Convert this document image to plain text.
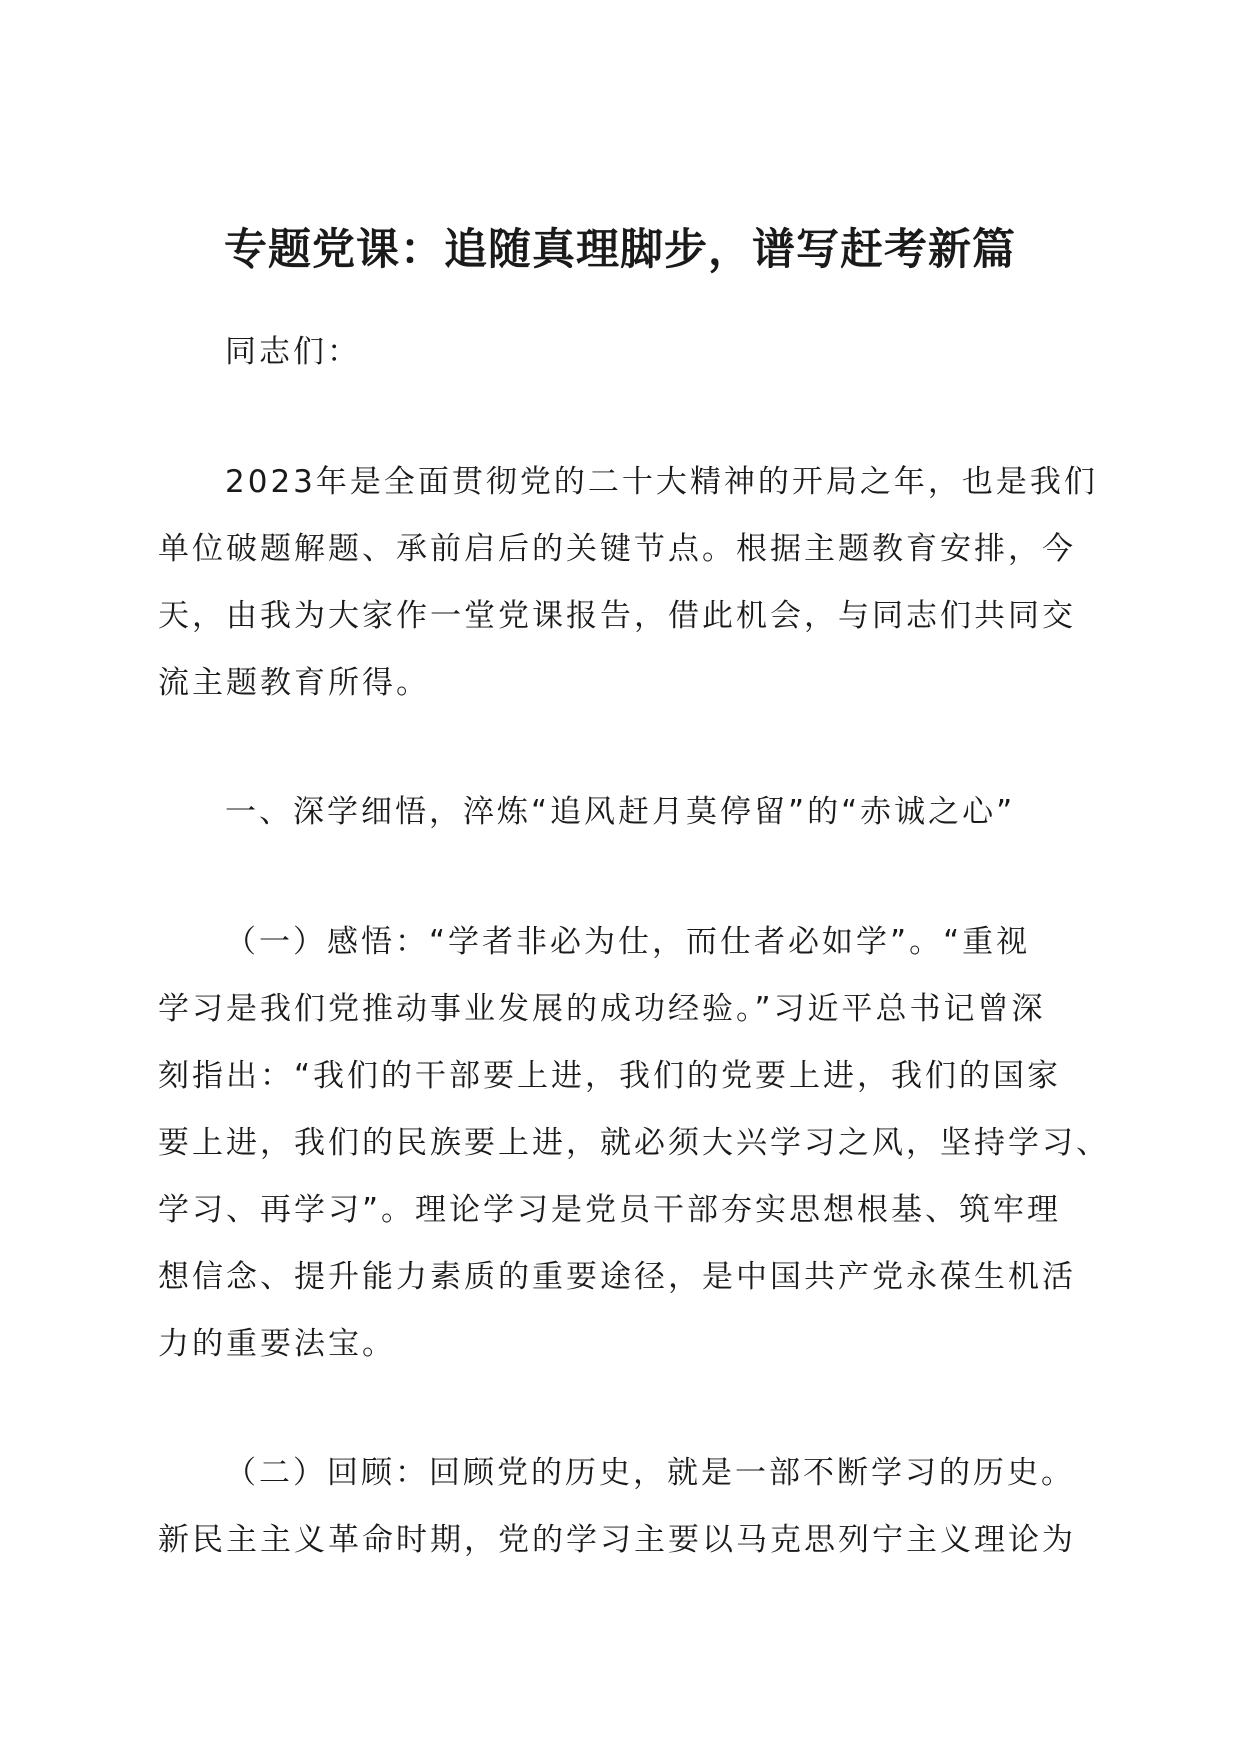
专题党课：追随真理脚步，谱写赶考新篇

同志们：

2023年是全面贯彻党的二十大精神的开局之年，也是我们

单位破题解题、承前启后的关键节点。根据主题教育安排，今

天，由我为大家作一堂党课报告，借此机会，与同志们共同交

流主题教育所得。

一、深学细悟，淬炼“追风赶月莫停留”的“赤诚之心”

（一）感悟：“学者非必为仕，而仕者必如学”。“重视

学习是我们党推动事业发展的成功经验。”习近平总书记曾深

刻指出：“我们的干部要上进，我们的党要上进，我们的国家

要上进，我们的民族要上进，就必须大兴学习之风，坚持学习、

学习、再学习”。理论学习是党员干部夯实思想根基、筑牢理

想信念、提升能力素质的重要途径，是中国共产党永葆生机活

力的重要法宝。

（二）回顾：回顾党的历史，就是一部不断学习的历史。

新民主主义革命时期，党的学习主要以马克思列宁主义理论为
